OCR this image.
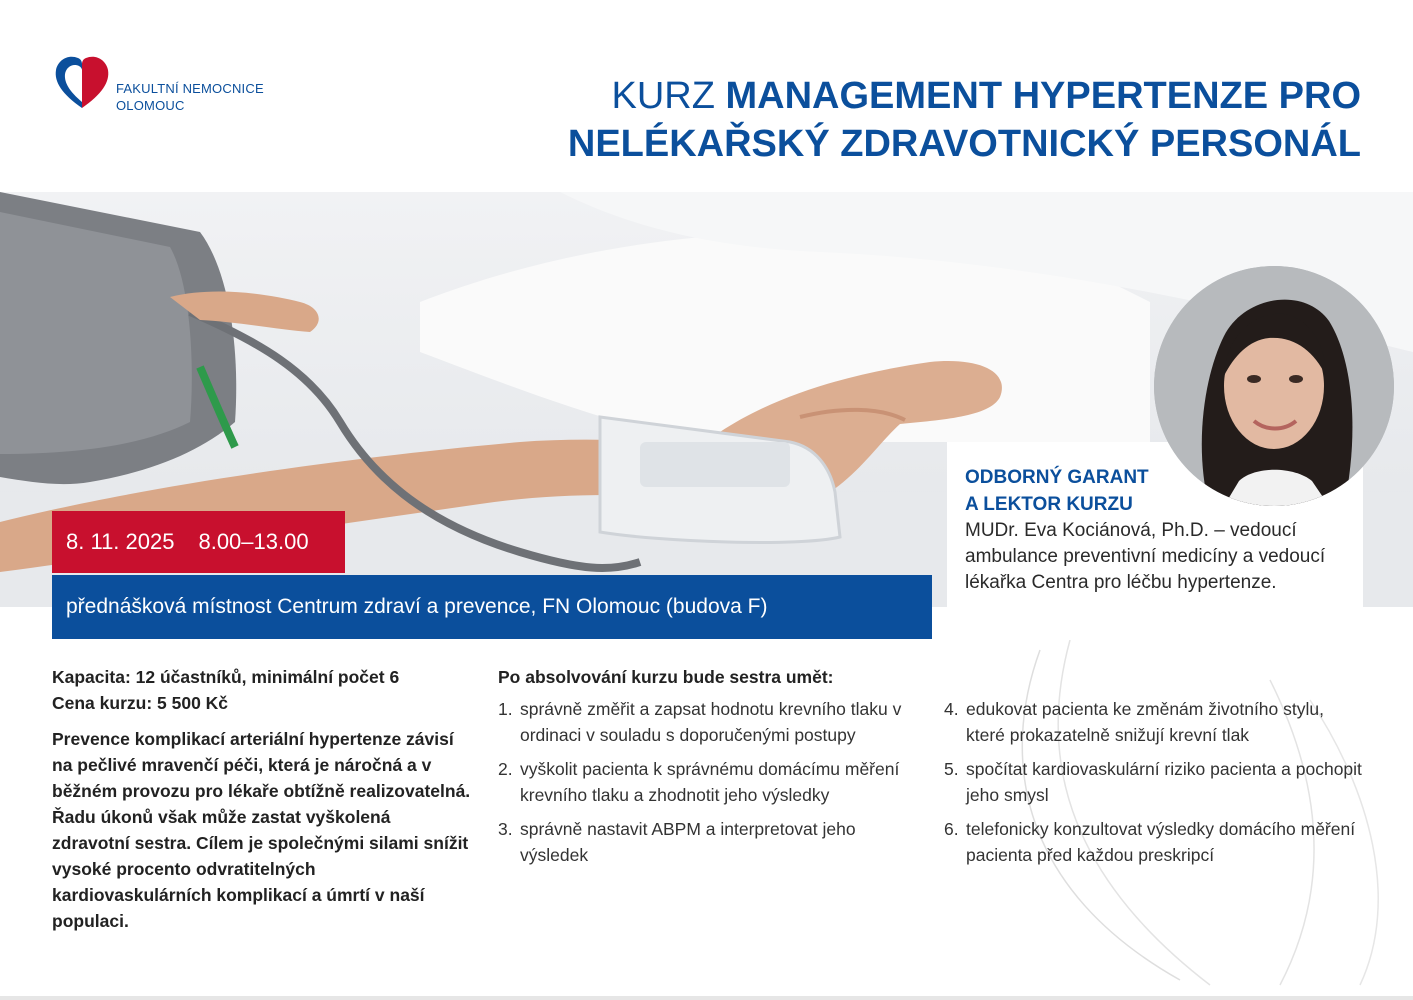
FAKULTNÍ NEMOCNICE
OLOMOUC	KURZ MANAGEMENT HYPERTENZE PRO
NELÉKAŘSKÝ ZDRAVOTNICKÝ PERSONÁL
8. 11. 2025 8.00–13.00
přednášková místnost Centrum zdraví a prevence, FN Olomouc (budova F)
ODBORNÝ GARANT
A LEKTOR KURZU
MUDr. Eva Kociánová, Ph.D. – vedoucí ambulance preventivní medicíny a vedoucí lékařka Centra pro léčbu hypertenze.
Kapacita: 12 účastníků, minimální počet 6
Cena kurzu: 5 500 Kč
Prevence komplikací arteriální hypertenze závisí na pečlivé mravenčí péči, která je náročná a v běžném provozu pro lékaře obtížně realizovatelná. Řadu úkonů však může zastat vyškolená zdravotní sestra. Cílem je společnými silami snížit vysoké procento odvratitelných kardiovaskulárních komplikací a úmrtí v naší populaci.
Po absolvování kurzu bude sestra umět:
1. správně změřit a zapsat hodnotu krevního tlaku v ordinaci v souladu s doporučenými postupy
2. vyškolit pacienta k správnému domácímu měření krevního tlaku a zhodnotit jeho výsledky
3. správně nastavit ABPM a interpretovat jeho výsledek
4. edukovat pacienta ke změnám životního stylu, které prokazatelně snižují krevní tlak
5. spočítat kardiovaskulární riziko pacienta a pochopit jeho smysl
6. telefonicky konzultovat výsledky domácího měření pacienta před každou preskripcí
